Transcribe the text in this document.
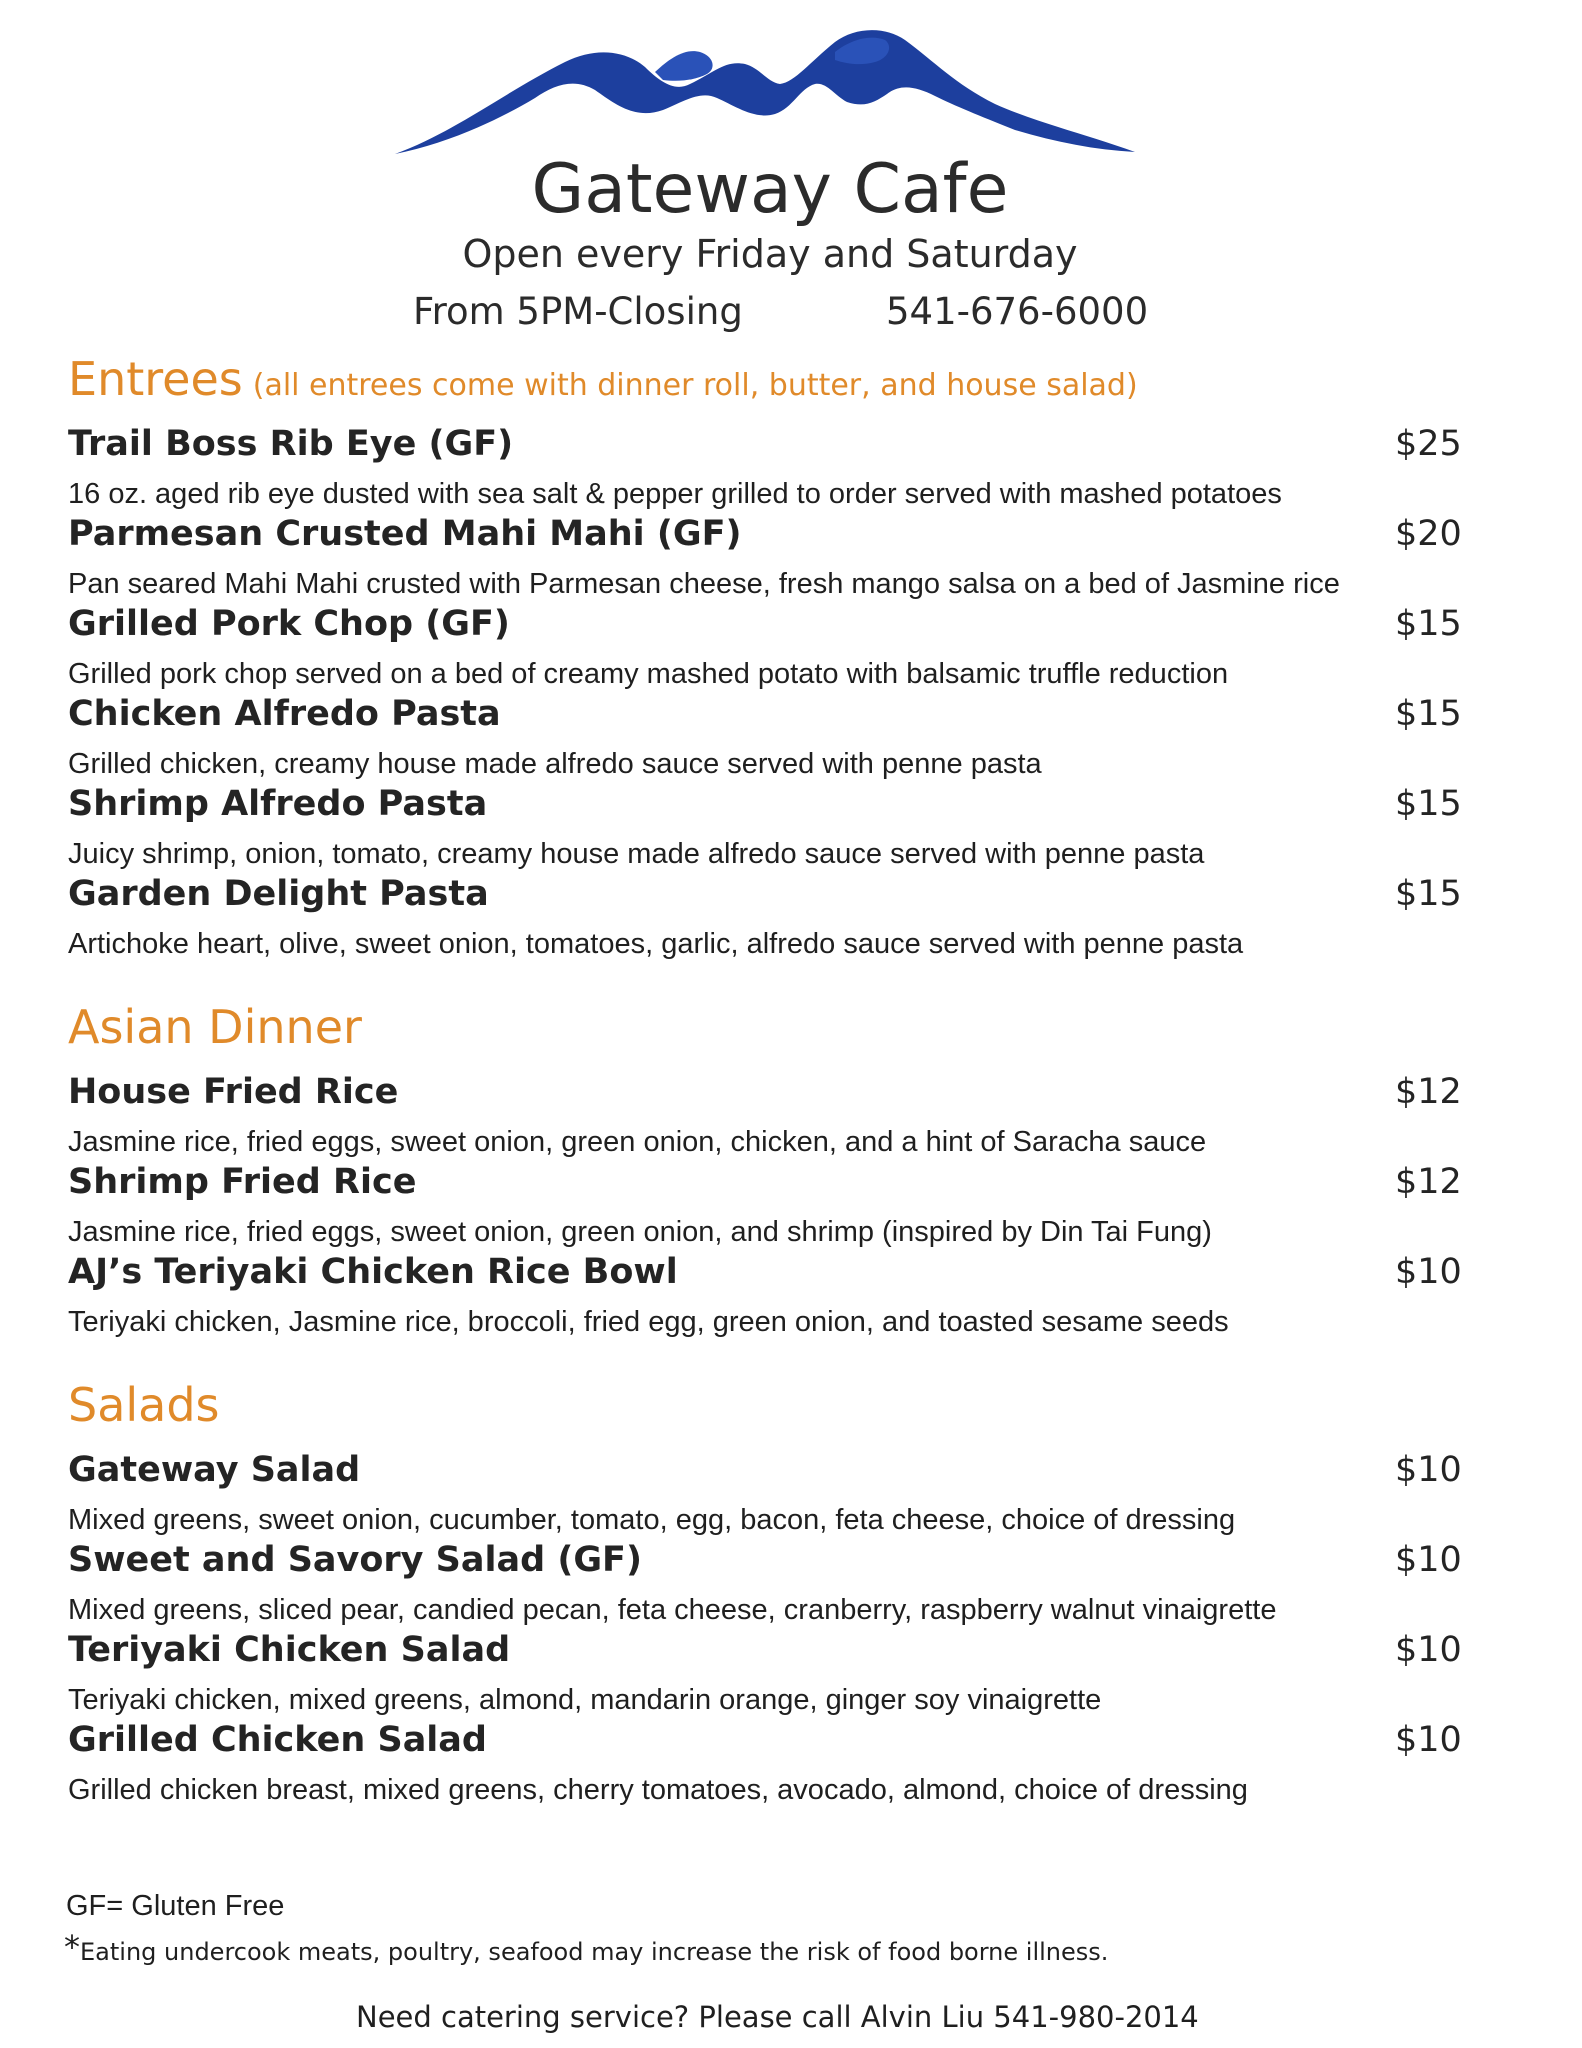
Gateway Cafe
Open every Friday and Saturday
From 5PM-Closing	541-676-6000
Entrees (all entrees come with dinner roll, butter, and house salad)
Trail Boss Rib Eye (GF)	$25
16 oz. aged rib eye dusted with sea salt & pepper grilled to order served with mashed potatoes
Parmesan Crusted Mahi Mahi (GF)	$20
Pan seared Mahi Mahi crusted with Parmesan cheese, fresh mango salsa on a bed of Jasmine rice
Grilled Pork Chop (GF)	$15
Grilled pork chop served on a bed of creamy mashed potato with balsamic truffle reduction
Chicken Alfredo Pasta	$15
Grilled chicken, creamy house made alfredo sauce served with penne pasta
Shrimp Alfredo Pasta	$15
Juicy shrimp, onion, tomato, creamy house made alfredo sauce served with penne pasta
Garden Delight Pasta	$15
Artichoke heart, olive, sweet onion, tomatoes, garlic, alfredo sauce served with penne pasta
Asian Dinner
House Fried Rice	$12
Jasmine rice, fried eggs, sweet onion, green onion, chicken, and a hint of Saracha sauce
Shrimp Fried Rice	$12
Jasmine rice, fried eggs, sweet onion, green onion, and shrimp (inspired by Din Tai Fung)
AJ’s Teriyaki Chicken Rice Bowl	$10
Teriyaki chicken, Jasmine rice, broccoli, fried egg, green onion, and toasted sesame seeds
Salads
Gateway Salad	$10
Mixed greens, sweet onion, cucumber, tomato, egg, bacon, feta cheese, choice of dressing
Sweet and Savory Salad (GF)	$10
Mixed greens, sliced pear, candied pecan, feta cheese, cranberry, raspberry walnut vinaigrette
Teriyaki Chicken Salad	$10
Teriyaki chicken, mixed greens, almond, mandarin orange, ginger soy vinaigrette
Grilled Chicken Salad	$10
Grilled chicken breast, mixed greens, cherry tomatoes, avocado, almond, choice of dressing
GF= Gluten Free
*Eating undercook meats, poultry, seafood may increase the risk of food borne illness.
Need catering service? Please call Alvin Liu 541-980-2014
